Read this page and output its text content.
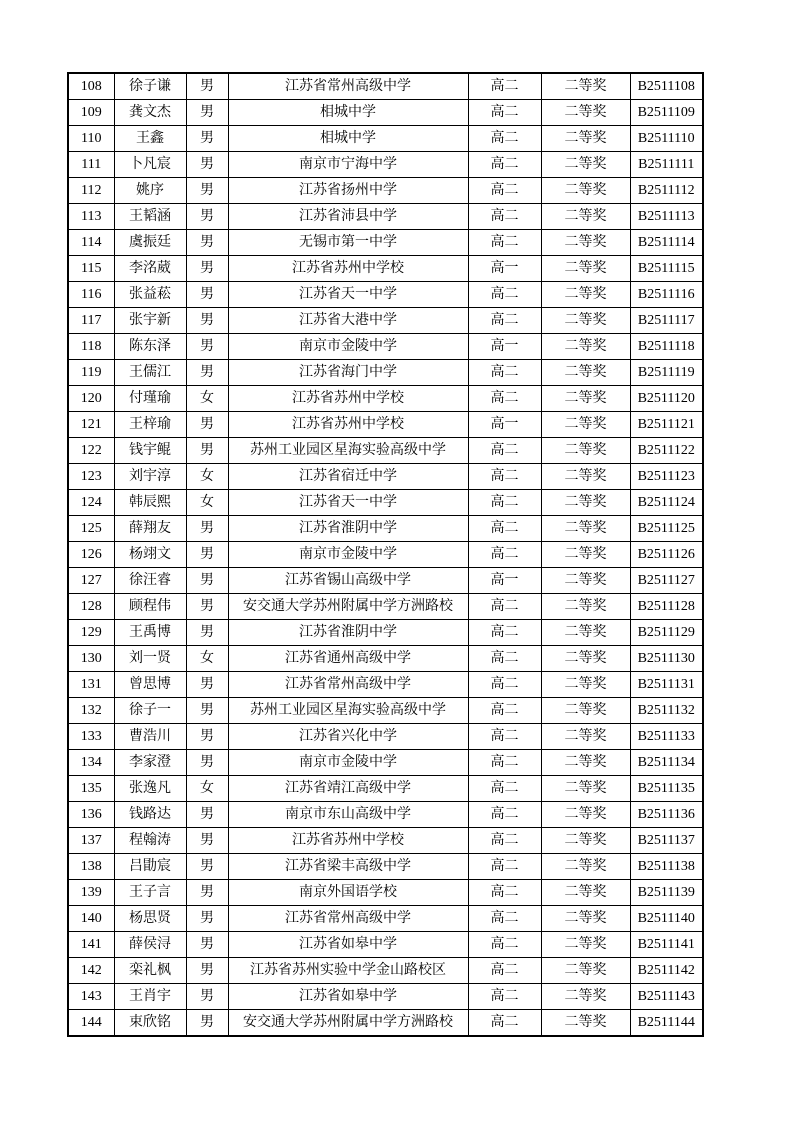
108	徐子谦	男	江苏省常州高级中学	高二	二等奖	B2511108
109	龚文杰	男	相城中学	高二	二等奖	B2511109
110	王鑫	男	相城中学	高二	二等奖	B2511110
111	卜凡宸	男	南京市宁海中学	高二	二等奖	B2511111
112	姚序	男	江苏省扬州中学	高二	二等奖	B2511112
113	王韬涵	男	江苏省沛县中学	高二	二等奖	B2511113
114	虞振廷	男	无锡市第一中学	高二	二等奖	B2511114
115	李洺葳	男	江苏省苏州中学校	高一	二等奖	B2511115
116	张益菘	男	江苏省天一中学	高二	二等奖	B2511116
117	张宇新	男	江苏省大港中学	高二	二等奖	B2511117
118	陈东泽	男	南京市金陵中学	高一	二等奖	B2511118
119	王儒江	男	江苏省海门中学	高二	二等奖	B2511119
120	付瑾瑜	女	江苏省苏州中学校	高二	二等奖	B2511120
121	王梓瑜	男	江苏省苏州中学校	高一	二等奖	B2511121
122	钱宇鲲	男	苏州工业园区星海实验高级中学	高二	二等奖	B2511122
123	刘宇淳	女	江苏省宿迁中学	高二	二等奖	B2511123
124	韩辰熙	女	江苏省天一中学	高二	二等奖	B2511124
125	薛翔友	男	江苏省淮阴中学	高二	二等奖	B2511125
126	杨翊文	男	南京市金陵中学	高二	二等奖	B2511126
127	徐汪睿	男	江苏省锡山高级中学	高一	二等奖	B2511127
128	顾程伟	男	安交通大学苏州附属中学方洲路校	高二	二等奖	B2511128
129	王禹博	男	江苏省淮阴中学	高二	二等奖	B2511129
130	刘一贤	女	江苏省通州高级中学	高二	二等奖	B2511130
131	曾思博	男	江苏省常州高级中学	高二	二等奖	B2511131
132	徐子一	男	苏州工业园区星海实验高级中学	高二	二等奖	B2511132
133	曹浩川	男	江苏省兴化中学	高二	二等奖	B2511133
134	李家澄	男	南京市金陵中学	高二	二等奖	B2511134
135	张逸凡	女	江苏省靖江高级中学	高二	二等奖	B2511135
136	钱路达	男	南京市东山高级中学	高二	二等奖	B2511136
137	程翰涛	男	江苏省苏州中学校	高二	二等奖	B2511137
138	吕勖宸	男	江苏省梁丰高级中学	高二	二等奖	B2511138
139	王子言	男	南京外国语学校	高二	二等奖	B2511139
140	杨思贤	男	江苏省常州高级中学	高二	二等奖	B2511140
141	薛侯浔	男	江苏省如皋中学	高二	二等奖	B2511141
142	栾礼枫	男	江苏省苏州实验中学金山路校区	高二	二等奖	B2511142
143	王肖宇	男	江苏省如皋中学	高二	二等奖	B2511143
144	束欣铭	男	安交通大学苏州附属中学方洲路校	高二	二等奖	B2511144
